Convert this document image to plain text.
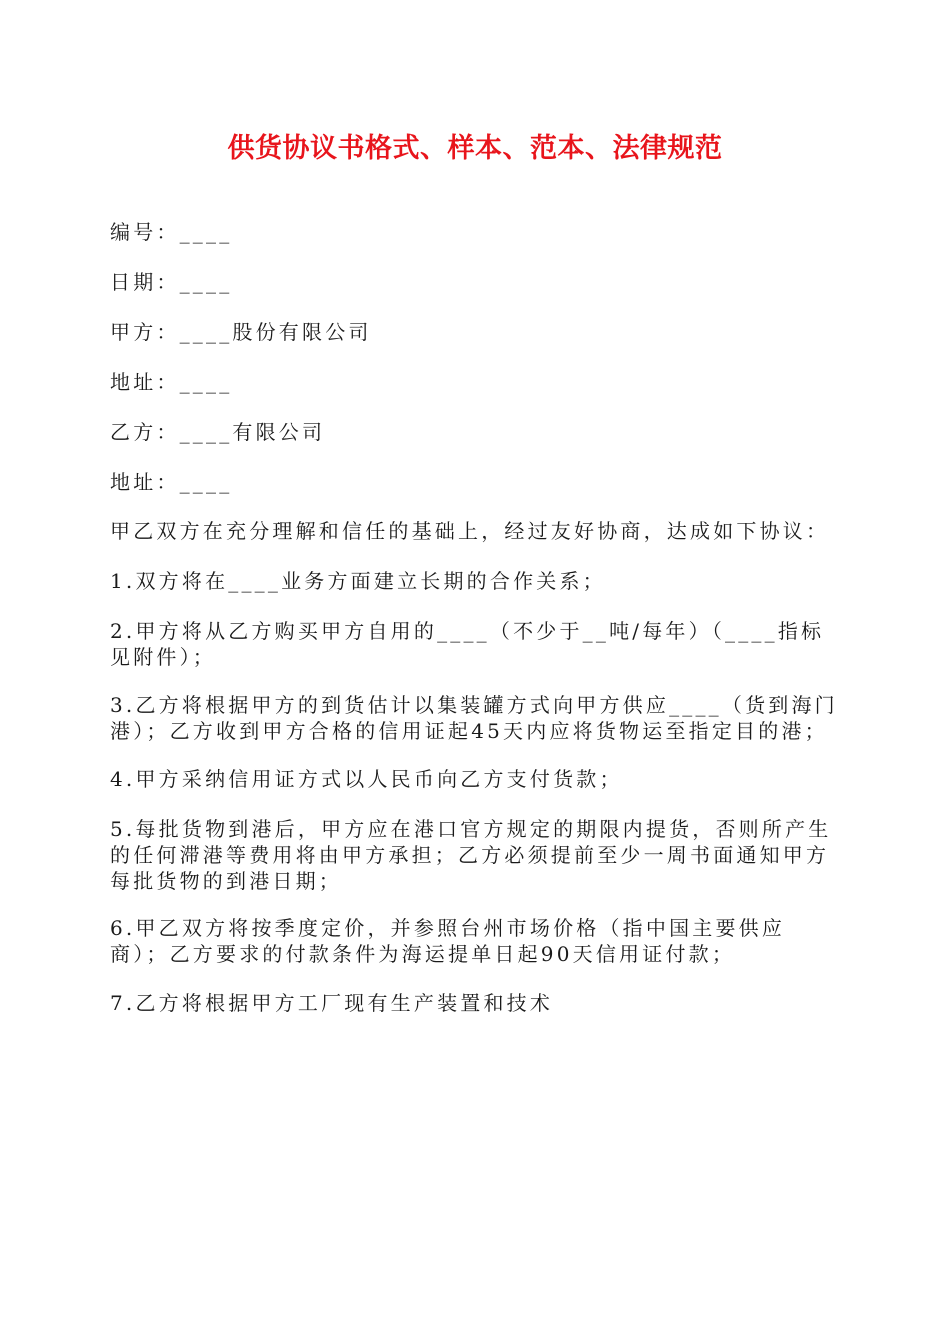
供货协议书格式、样本、范本、法律规范

编号：____

日期：____

甲方：____股份有限公司

地址：____

乙方：____有限公司

地址：____

甲乙双方在充分理解和信任的基础上，经过友好协商，达成如下协议：

1.双方将在____业务方面建立长期的合作关系；

2.甲方将从乙方购买甲方自用的____（不少于__吨/每年）（____指标见附件）；

3.乙方将根据甲方的到货估计以集装罐方式向甲方供应____（货到海门港）；乙方收到甲方合格的信用证起45天内应将货物运至指定目的港；

4.甲方采纳信用证方式以人民币向乙方支付货款；

5.每批货物到港后，甲方应在港口官方规定的期限内提货，否则所产生的任何滞港等费用将由甲方承担；乙方必须提前至少一周书面通知甲方每批货物的到港日期；

6.甲乙双方将按季度定价，并参照台州市场价格（指中国主要供应商）；乙方要求的付款条件为海运提单日起90天信用证付款；

7.乙方将根据甲方工厂现有生产装置和技术
